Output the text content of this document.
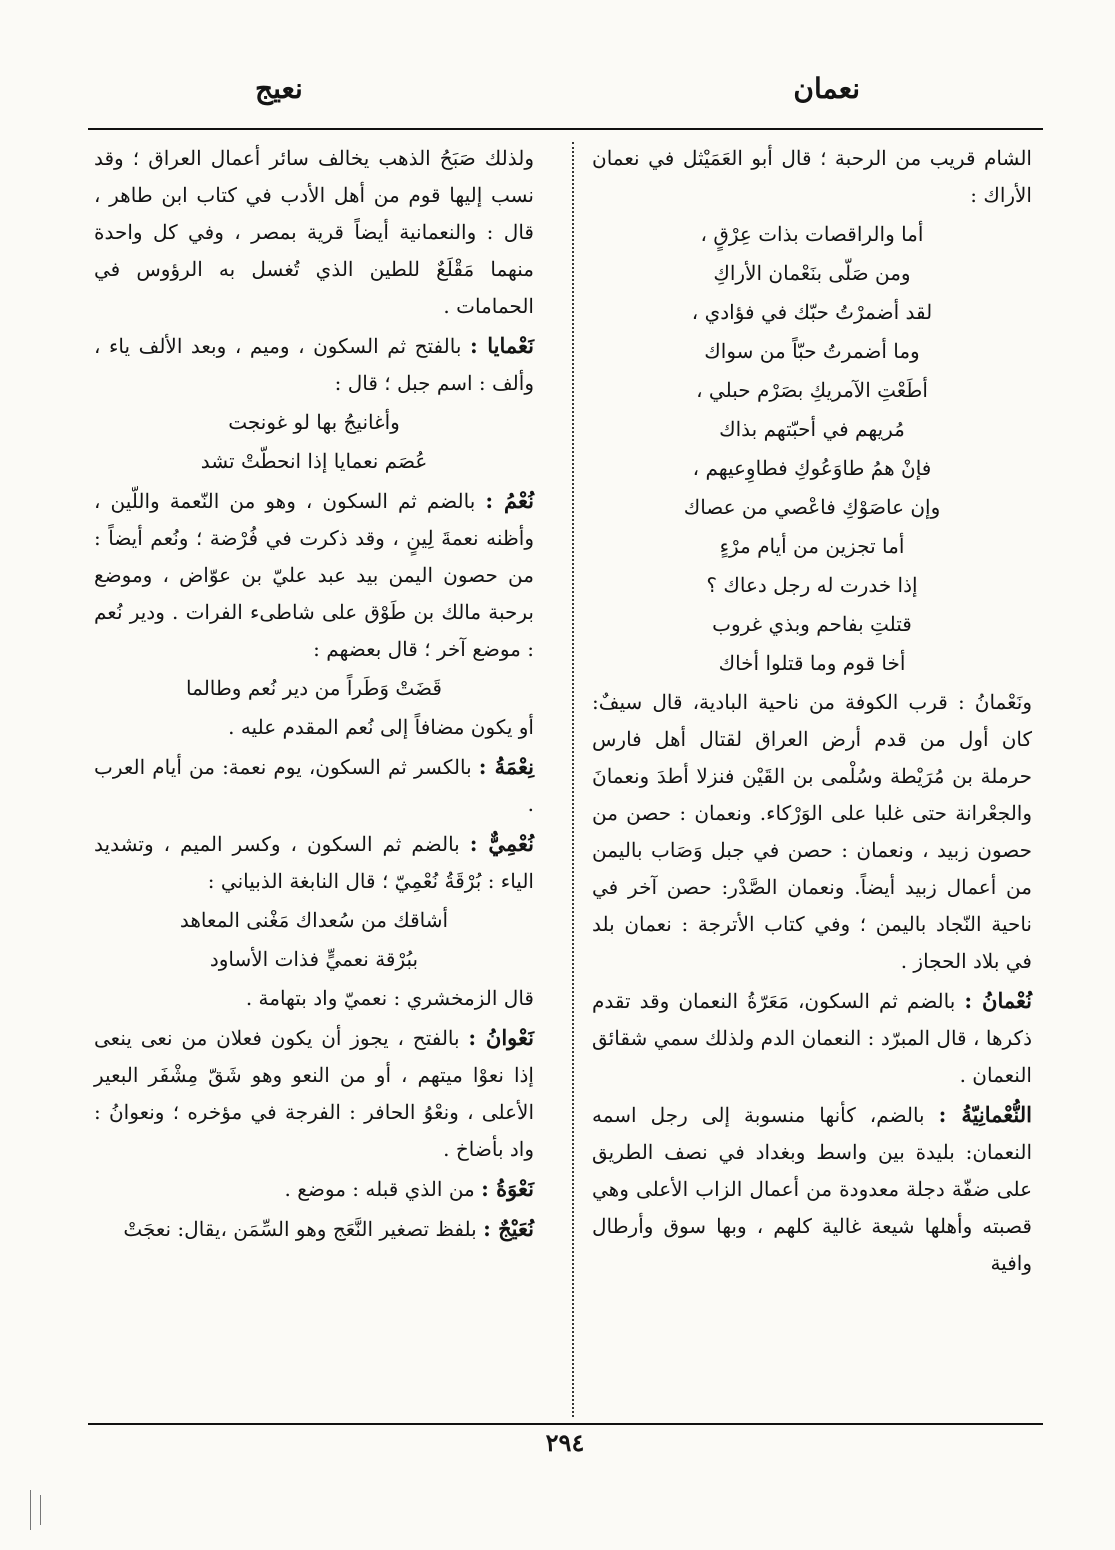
نعمان
نعيج

الشام قريب من الرحبة ؛ قال أبو العَمَيْثل في نعمان الأراك :

أما والراقصات بذات عِرْقٍ ،

ومن صَلّى بنَعْمان الأراكِ

لقد أضمرْتُ حبّك في فؤادي ،

وما أضمرتُ حبّاً من سواك

أطَعْتِ الآمريكِ بصَرْم حبلي ،

مُريهم في أحبّتهم بذاك

فإنْ همُ طاوَعُوكِ فطاوِعيهم ،

وإن عاصَوْكِ فاعْصي من عصاك

أما تجزين من أيام مرْءٍ

إذا خدرت له رجل دعاك ؟

قتلتِ بفاحم وبذي غروب

أخا قوم وما قتلوا أخاك

ونَعْمانُ : قرب الكوفة من ناحية البادية، قال سيفٌ: كان أول من قدم أرض العراق لقتال أهل فارس حرملة بن مُرَيْطة وسُلْمى بن القَيْن فنزلا أطدَ ونعمانَ والجعْرانة حتى غلبا على الوَرْكاء. ونعمان : حصن من حصون زبيد ، ونعمان : حصن في جبل وَصَاب باليمن من أعمال زبيد أيضاً. ونعمان الصَّدْر: حصن آخر في ناحية النّجاد باليمن ؛ وفي كتاب الأترجة : نعمان بلد في بلاد الحجاز .

نُعْمانُ : بالضم ثم السكون، مَعَرّةُ النعمان وقد تقدم ذكرها ، قال المبرّد : النعمان الدم ولذلك سمي شقائق النعمان .

النُّعْمانِيّةُ : بالضم، كأنها منسوبة إلى رجل اسمه النعمان: بليدة بين واسط وبغداد في نصف الطريق على ضفّة دجلة معدودة من أعمال الزاب الأعلى وهي قصبته وأهلها شيعة غالية كلهم ، وبها سوق وأرطال وافية

ولذلك صَبَحُ الذهب يخالف سائر أعمال العراق ؛ وقد نسب إليها قوم من أهل الأدب في كتاب ابن طاهر ، قال : والنعمانية أيضاً قرية بمصر ، وفي كل واحدة منهما مَقْلَعٌ للطين الذي تُغسل به الرؤوس في الحمامات .

نَعْمايا : بالفتح ثم السكون ، وميم ، وبعد الألف ياء ، وألف : اسم جبل ؛ قال :

وأغانيجُ بها لو غونجت

عُصَم نعمايا إذا انحطّتْ تشد

نُعْمُ : بالضم ثم السكون ، وهو من النّعمة واللّين ، وأظنه نعمةَ لِينٍ ، وقد ذكرت في فُرْضة ؛ ونُعم أيضاً : من حصون اليمن بيد عبد عليّ بن عوّاض ، وموضع برحبة مالك بن طَوْق على شاطىء الفرات . ودير نُعم : موضع آخر ؛ قال بعضهم :

قَضَتْ وَطَراً من دير نُعم وطالما

أو يكون مضافاً إلى نُعم المقدم عليه .

نِعْمَةُ : بالكسر ثم السكون، يوم نعمة: من أيام العرب .

نُعْمِيٌّ : بالضم ثم السكون ، وكسر الميم ، وتشديد الياء : بُرْقَةُ نُعْمِيّ ؛ قال النابغة الذبياني :

أشاقك من سُعداك مَغْنى المعاهد

ببُرْقة نعميٍّ فذات الأساود

قال الزمخشري : نعميّ واد بتهامة .

نَعْوانُ : بالفتح ، يجوز أن يكون فعلان من نعى ينعى إذا نعوْا ميتهم ، أو من النعو وهو شَقّ مِشْفَر البعير الأعلى ، ونعْوُ الحافر : الفرجة في مؤخره ؛ ونعوانُ : واد بأضاخ .

نَعْوَةُ : من الذي قبله : موضع .

نُعَيْجٌ : بلفظ تصغير النَّعَج وهو السِّمَن ،يقال: نعجَتْ

٢٩٤
